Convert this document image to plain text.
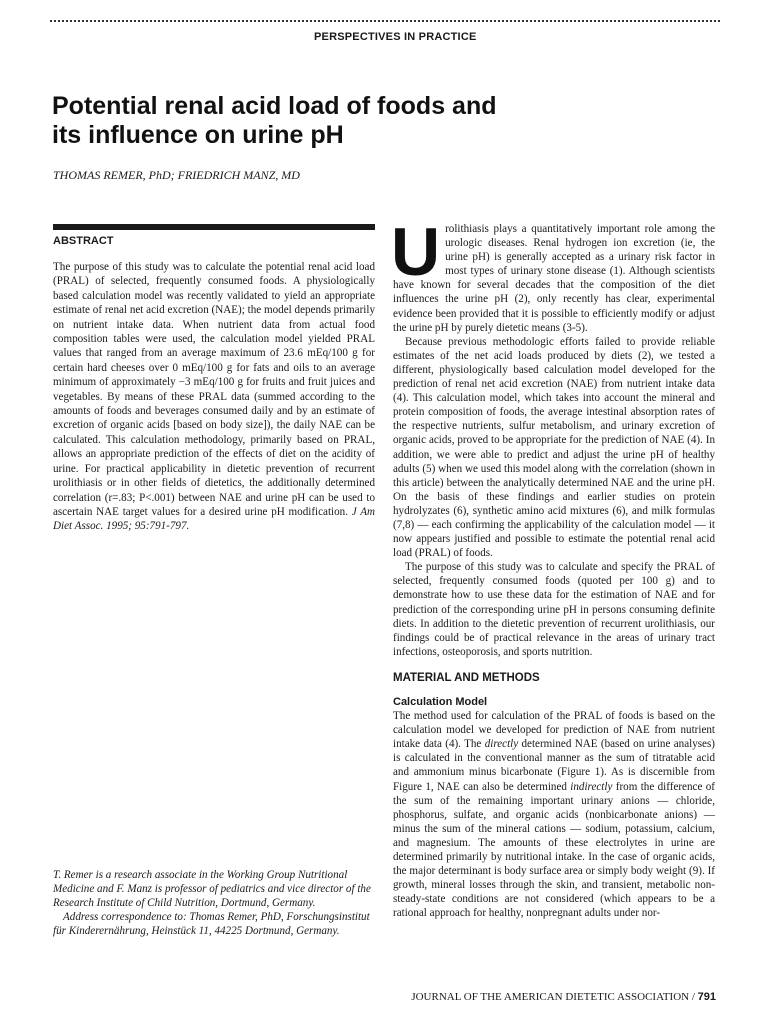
PERSPECTIVES IN PRACTICE
Potential renal acid load of foods and
its influence on urine pH
THOMAS REMER, PhD; FRIEDRICH MANZ, MD
ABSTRACT

The purpose of this study was to calculate the potential renal acid load (PRAL) of selected, frequently consumed foods. A physiologically based calculation model was recently validated to yield an appropriate estimate of renal net acid excretion (NAE); the model depends primarily on nutrient intake data. When nutrient data from actual food composition tables were used, the calculation model yielded PRAL values that ranged from an average maximum of 23.6 mEq/100 g for certain hard cheeses over 0 mEq/100 g for fats and oils to an average minimum of approximately −3 mEq/100 g for fruits and fruit juices and vegetables. By means of these PRAL data (summed according to the amounts of foods and beverages consumed daily and by an estimate of excretion of organic acids [based on body size]), the daily NAE can be calculated. This calculation methodology, primarily based on PRAL, allows an appropriate prediction of the effects of diet on the acidity of urine. For practical applicability in dietetic prevention of recurrent urolithiasis or in other fields of dietetics, the additionally determined correlation (r=.83; P<.001) between NAE and urine pH can be used to ascertain NAE target values for a desired urine pH modification. J Am Diet Assoc. 1995; 95:791-797.

T. Remer is a research associate in the Working Group Nutritional Medicine and F. Manz is professor of pediatrics and vice director of the Research Institute of Child Nutrition, Dortmund, Germany.

Address correspondence to: Thomas Remer, PhD, Forschungsinstitut für Kinderernährung, Heinstück 11, 44225 Dortmund, Germany.

U rolithiasis plays a quantitatively important role among the urologic diseases. Renal hydrogen ion excretion (ie, the urine pH) is generally accepted as a urinary risk factor in most types of urinary stone disease (1). Although scientists have known for several decades that the composition of the diet influences the urine pH (2), only recently has clear, experimental evidence been provided that it is possible to efficiently modify or adjust the urine pH by purely dietetic means (3-5).

Because previous methodologic efforts failed to provide reliable estimates of the net acid loads produced by diets (2), we tested a different, physiologically based calculation model developed for the prediction of renal net acid excretion (NAE) from nutrient intake data (4). This calculation model, which takes into account the mineral and protein composition of foods, the average intestinal absorption rates of the respective nutrients, sulfur metabolism, and urinary excretion of organic acids, proved to be appropriate for the prediction of NAE (4). In addition, we were able to predict and adjust the urine pH of healthy adults (5) when we used this model along with the correlation (shown in this article) between the analytically determined NAE and the urine pH. On the basis of these findings and earlier studies on protein hydrolyzates (6), synthetic amino acid mixtures (6), and milk formulas (7,8) — each confirming the applicability of the calculation model — it now appears justified and possible to estimate the potential renal acid load (PRAL) of foods.

The purpose of this study was to calculate and specify the PRAL of selected, frequently consumed foods (quoted per 100 g) and to demonstrate how to use these data for the estimation of NAE and for prediction of the corresponding urine pH in persons consuming definite diets. In addition to the dietetic prevention of recurrent urolithiasis, our findings could be of practical relevance in the areas of urinary tract infections, osteoporosis, and sports nutrition.

MATERIAL AND METHODS
Calculation Model

The method used for calculation of the PRAL of foods is based on the calculation model we developed for prediction of NAE from nutrient intake data (4). The directly determined NAE (based on urine analyses) is calculated in the conventional manner as the sum of titratable acid and ammonium minus bicarbonate (Figure 1). As is discernible from Figure 1, NAE can also be determined indirectly from the difference of the sum of the remaining important urinary anions — chloride, phosphorus, sulfate, and organic acids (nonbicarbonate anions) — minus the sum of the mineral cations — sodium, potassium, calcium, and magnesium. The amounts of these electrolytes in urine are determined primarily by nutritional intake. In the case of organic acids, the major determinant is body surface area or simply body weight (9). If growth, mineral losses through the skin, and transient, metabolic non-steady-state conditions are not considered (which appears to be a rational approach for healthy, nonpregnant adults under nor-

JOURNAL OF THE AMERICAN DIETETIC ASSOCIATION / 791
